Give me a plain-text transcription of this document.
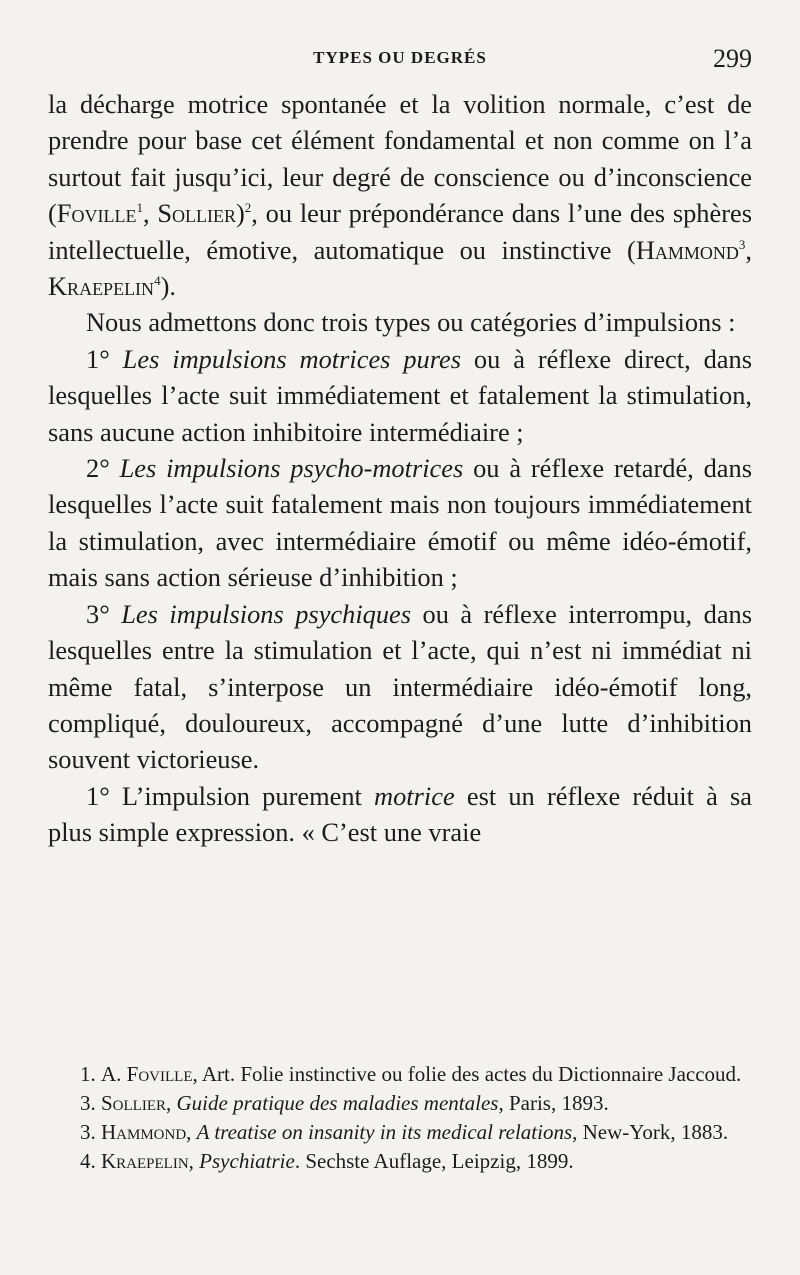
TYPES OU DEGRÉS	299

la décharge motrice spontanée et la volition normale, c’est de prendre pour base cet élément fondamental et non comme on l’a surtout fait jusqu’ici, leur degré de conscience ou d’inconscience (Foville$^1$, Sollier)$^2$, ou leur prépondérance dans l’une des sphères intellectuelle, émotive, automatique ou instinctive (Hammond$^3$, Kraepelin$^4$).

Nous admettons donc trois types ou catégories d’impulsions :

1° Les impulsions motrices pures ou à réflexe direct, dans lesquelles l’acte suit immédiatement et fatalement la stimulation, sans aucune action inhibitoire intermédiaire ;

2° Les impulsions psycho-motrices ou à réflexe retardé, dans lesquelles l’acte suit fatalement mais non toujours immédiatement la stimulation, avec intermédiaire émotif ou même idéo-émotif, mais sans action sérieuse d’inhibition ;

3° Les impulsions psychiques ou à réflexe interrompu, dans lesquelles entre la stimulation et l’acte, qui n’est ni immédiat ni même fatal, s’interpose un intermédiaire idéo-émotif long, compliqué, douloureux, accompagné d’une lutte d’inhibition souvent victorieuse.

1° L’impulsion purement motrice est un réflexe réduit à sa plus simple expression. « C’est une vraie

1. A. Foville, Art. Folie instinctive ou folie des actes du Dictionnaire Jaccoud.

3. Sollier, Guide pratique des maladies mentales, Paris, 1893.

3. Hammond, A treatise on insanity in its medical relations, New-York, 1883.

4. Kraepelin, Psychiatrie. Sechste Auflage, Leipzig, 1899.
